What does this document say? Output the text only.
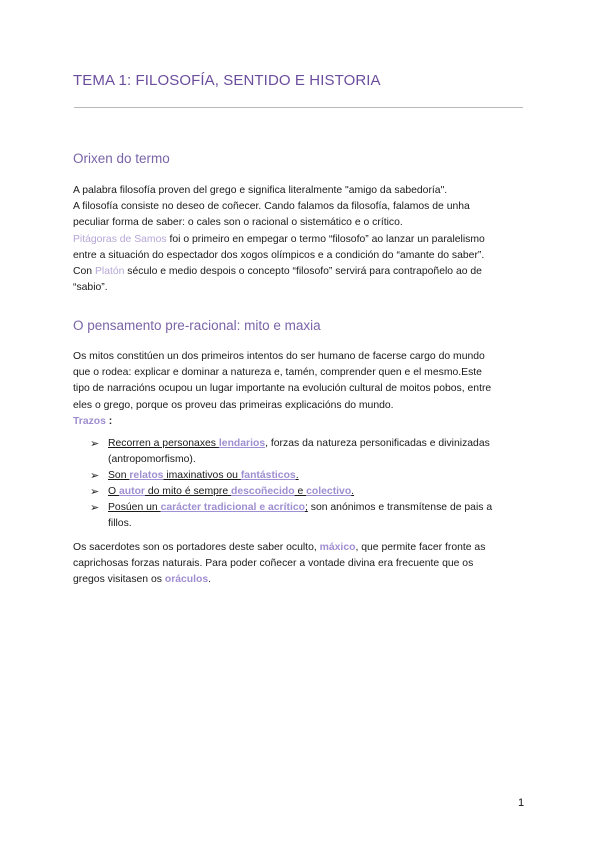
TEMA 1: FILOSOFÍA, SENTIDO E HISTORIA
Orixen do termo
A palabra filosofía proven del grego e significa literalmente "amigo da sabedoría".
A filosofía consiste no deseo de coñecer. Cando falamos da filosofía, falamos de unha
peculiar forma de saber: o cales son o racional o sistemático e o crítico.
Pitágoras de Samos foi o primeiro en empegar o termo “filosofo” ao lanzar un paralelismo
entre a situación do espectador dos xogos olímpicos e a condición do “amante do saber”.
Con Platón século e medio despois o concepto “filosofo” servirá para contrapoñelo ao de
“sabio”.
O pensamento pre-racional: mito e maxia
Os mitos constitúen un dos primeiros intentos do ser humano de facerse cargo do mundo
que o rodea: explicar e dominar a natureza e, tamén, comprender quen e el mesmo.Este
tipo de narracións ocupou un lugar importante na evolución cultural de moitos pobos, entre
eles o grego, porque os proveu das primeiras explicacións do mundo.
Trazos :
➢ Recorren a personaxes lendarios, forzas da natureza personificadas e divinizadas
(antropomorfismo).
➢ Son relatos imaxinativos ou fantásticos.
➢ O autor do mito é sempre descoñecido e colectivo.
➢ Posúen un carácter tradicional e acrítico; son anónimos e transmítense de pais a
fillos.
Os sacerdotes son os portadores deste saber oculto, máxico, que permite facer fronte as
caprichosas forzas naturais. Para poder coñecer a vontade divina era frecuente que os
gregos visitasen os oráculos.
1
